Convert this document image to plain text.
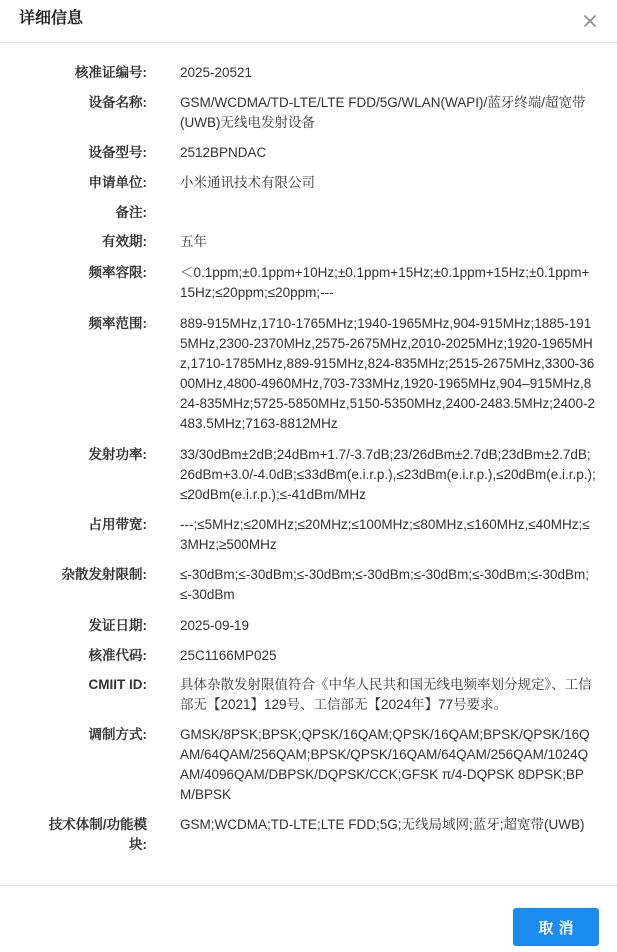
详细信息
核准证编号: 2025-20521
设备名称: GSM/WCDMA/TD-LTE/LTE FDD/5G/WLAN(WAPI)/蓝牙终端/超宽带(UWB)无线电发射设备
设备型号: 2512BPNDAC
申请单位: 小米通讯技术有限公司
备注:
有效期: 五年
频率容限: ＜0.1ppm;±0.1ppm+10Hz;±0.1ppm+15Hz;±0.1ppm+15Hz;±0.1ppm+15Hz;≤20ppm;≤20ppm;---
频率范围: 889-915MHz,1710-1765MHz;1940-1965MHz,904-915MHz;1885-1915MHz,2300-2370MHz,2575-2675MHz,2010-2025MHz;1920-1965MHz,1710-1785MHz,889-915MHz,824-835MHz;2515-2675MHz,3300-3600MHz,4800-4960MHz,703-733MHz,1920-1965MHz,904–915MHz,824-835MHz;5725-5850MHz,5150-5350MHz,2400-2483.5MHz;2400-2483.5MHz;7163-8812MHz
发射功率: 33/30dBm±2dB;24dBm+1.7/-3.7dB;23/26dBm±2.7dB;23dBm±2.7dB;26dBm+3.0/-4.0dB;≤33dBm(e.i.r.p.),≤23dBm(e.i.r.p.),≤20dBm(e.i.r.p.);≤20dBm(e.i.r.p.);≤-41dBm/MHz
占用带宽: ---;≤5MHz;≤20MHz;≤20MHz;≤100MHz;≤80MHz,≤160MHz,≤40MHz;≤3MHz;≥500MHz
杂散发射限制: ≤-30dBm;≤-30dBm;≤-30dBm;≤-30dBm;≤-30dBm;≤-30dBm;≤-30dBm;≤-30dBm
发证日期: 2025-09-19
核准代码: 25C1166MP025
CMIIT ID: 具体杂散发射限值符合《中华人民共和国无线电频率划分规定》、工信部无【2021】129号、工信部无【2024年】77号要求。
调制方式: GMSK/8PSK;BPSK;QPSK/16QAM;QPSK/16QAM;BPSK/QPSK/16QAM/64QAM/256QAM;BPSK/QPSK/16QAM/64QAM/256QAM/1024QAM/4096QAM/DBPSK/DQPSK/CCK;GFSK π/4-DQPSK 8DPSK;BPM/BPSK
技术体制/功能模块:
GSM;WCDMA;TD-LTE;LTE FDD;5G;无线局域网;蓝牙;超宽带(UWB)
取消
